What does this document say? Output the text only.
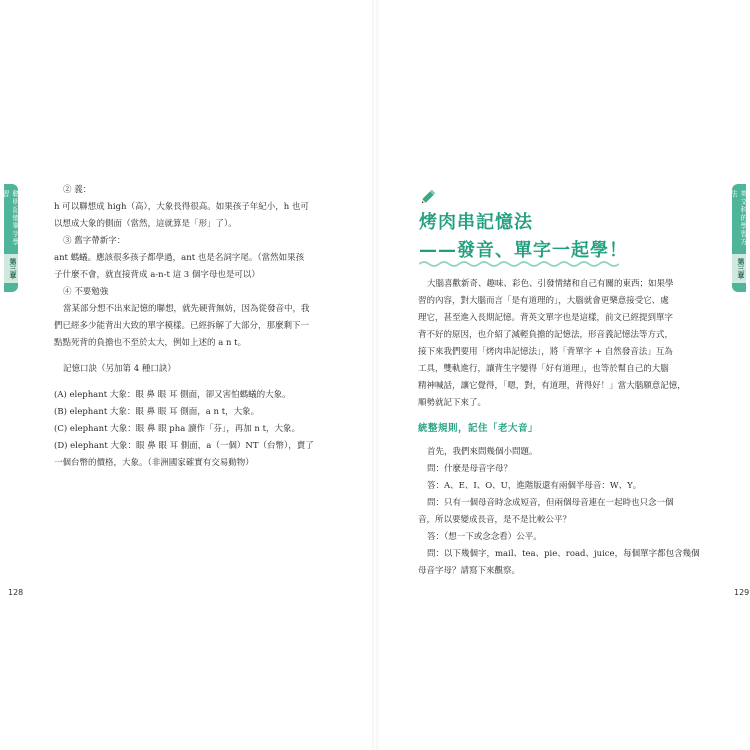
聰明記憶單字學習
第三章
128

② 義：

h 可以聯想成 high（高），大象長得很高。如果孩子年紀小，h 也可

以想成大象的側面（當然，這就算是「形」了）。

③ 舊字帶新字：

ant 螞蟻。應該很多孩子都學過，ant 也是名詞字尾。（當然如果孩

子什麼不會，就直接背成 a-n-t 這 3 個字母也是可以）

④ 不要勉強

當某部分想不出來記憶的聯想，就先硬背無妨，因為從發音中，我

們已經多少能背出大致的單字模樣。已經拆解了大部分，那麼剩下一

點點死背的負擔也不至於太大，例如上述的 a n t。

記憶口訣（另加第 4 種口訣）

(A) elephant 大象：眼 鼻 眼 耳 側面，卻又害怕螞蟻的大象。

(B) elephant 大象：眼 鼻 眼 耳 側面，a n t，大象。

(C) elephant 大象：眼 鼻 眼 pha 讀作「芬」，再加 n t，大象。

(D) elephant 大象：眼 鼻 眼 耳 側面，a（一個）NT（台幣），賣了

一個台幣的價格，大象。（非洲國家確實有交易動物）

英文科的學習方法
第三章
129
烤肉串記憶法
——發音、單字一起學！

大腦喜歡新奇、趣味、彩色、引發情緒和自己有關的東西；如果學

習的內容，對大腦而言「是有道理的」，大腦就會更樂意接受它、處

理它，甚至進入長期記憶。背英文單字也是這樣，前文已經提到單字

背不好的原因，也介紹了減輕負擔的記憶法，形音義記憶法等方式，

接下來我們要用「烤肉串記憶法」，將「背單字 + 自然發音法」互為

工具，雙軌進行，讓背生字變得「好有道理」，也等於幫自己的大腦

精神喊話，讓它覺得，「嗯，對，有道理，背得好！」當大腦願意記憶，

順勢就記下來了。

統整規則，記住「老大音」

首先，我們來問幾個小問題。

問：什麼是母音字母？

答：A、E、I、O、U，進階版還有兩個半母音：W、Y。

問：只有一個母音時念成短音，但兩個母音連在一起時也只念一個

音，所以要變成長音，是不是比較公平？

答：（想一下或念念看）公平。

問：以下幾個字，mail、tea、pie、road、juice，每個單字都包含幾個

母音字母？請寫下來觀察。
